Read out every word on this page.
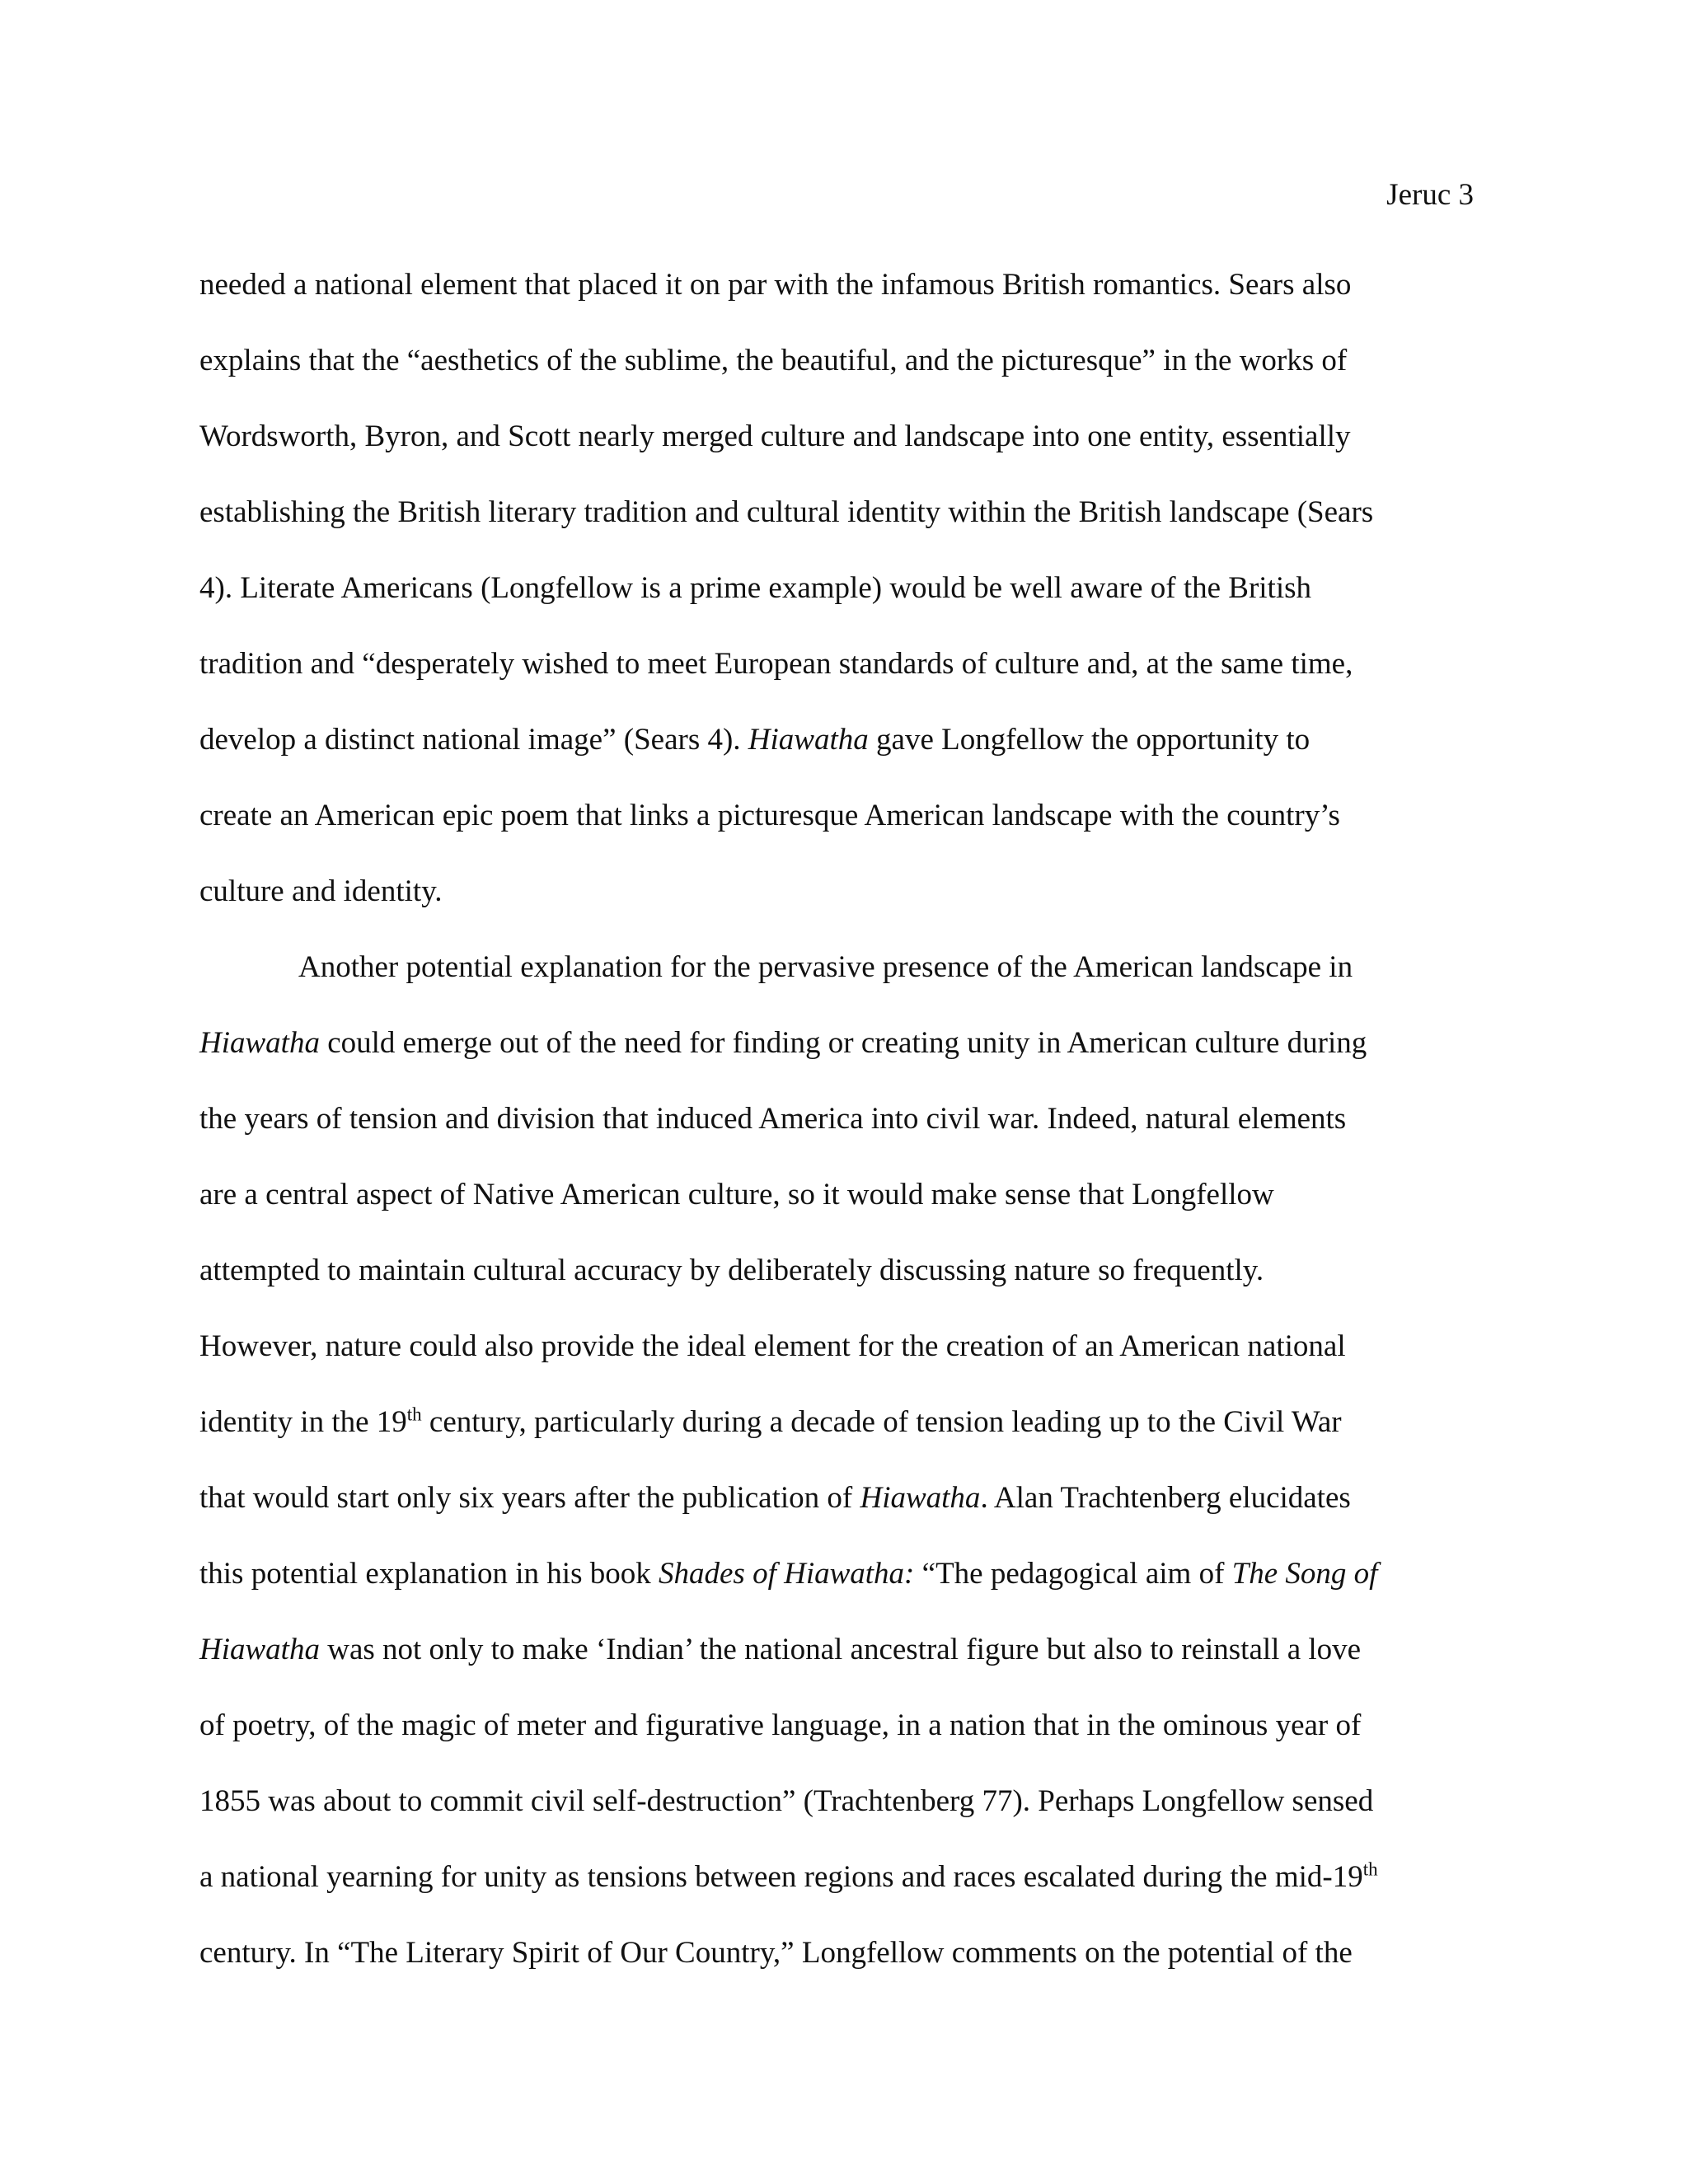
Jeruc 3
needed a national element that placed it on par with the infamous British romantics. Sears also
explains that the “aesthetics of the sublime, the beautiful, and the picturesque” in the works of
Wordsworth, Byron, and Scott nearly merged culture and landscape into one entity, essentially
establishing the British literary tradition and cultural identity within the British landscape (Sears
4). Literate Americans (Longfellow is a prime example) would be well aware of the British
tradition and “desperately wished to meet European standards of culture and, at the same time,
develop a distinct national image” (Sears 4). Hiawatha gave Longfellow the opportunity to
create an American epic poem that links a picturesque American landscape with the country’s
culture and identity.
Another potential explanation for the pervasive presence of the American landscape in
Hiawatha could emerge out of the need for finding or creating unity in American culture during
the years of tension and division that induced America into civil war. Indeed, natural elements
are a central aspect of Native American culture, so it would make sense that Longfellow
attempted to maintain cultural accuracy by deliberately discussing nature so frequently.
However, nature could also provide the ideal element for the creation of an American national
identity in the 19th century, particularly during a decade of tension leading up to the Civil War
that would start only six years after the publication of Hiawatha. Alan Trachtenberg elucidates
this potential explanation in his book Shades of Hiawatha: “The pedagogical aim of The Song of
Hiawatha was not only to make ‘Indian’ the national ancestral figure but also to reinstall a love
of poetry, of the magic of meter and figurative language, in a nation that in the ominous year of
1855 was about to commit civil self-destruction” (Trachtenberg 77). Perhaps Longfellow sensed
a national yearning for unity as tensions between regions and races escalated during the mid-19th
century. In “The Literary Spirit of Our Country,” Longfellow comments on the potential of the
